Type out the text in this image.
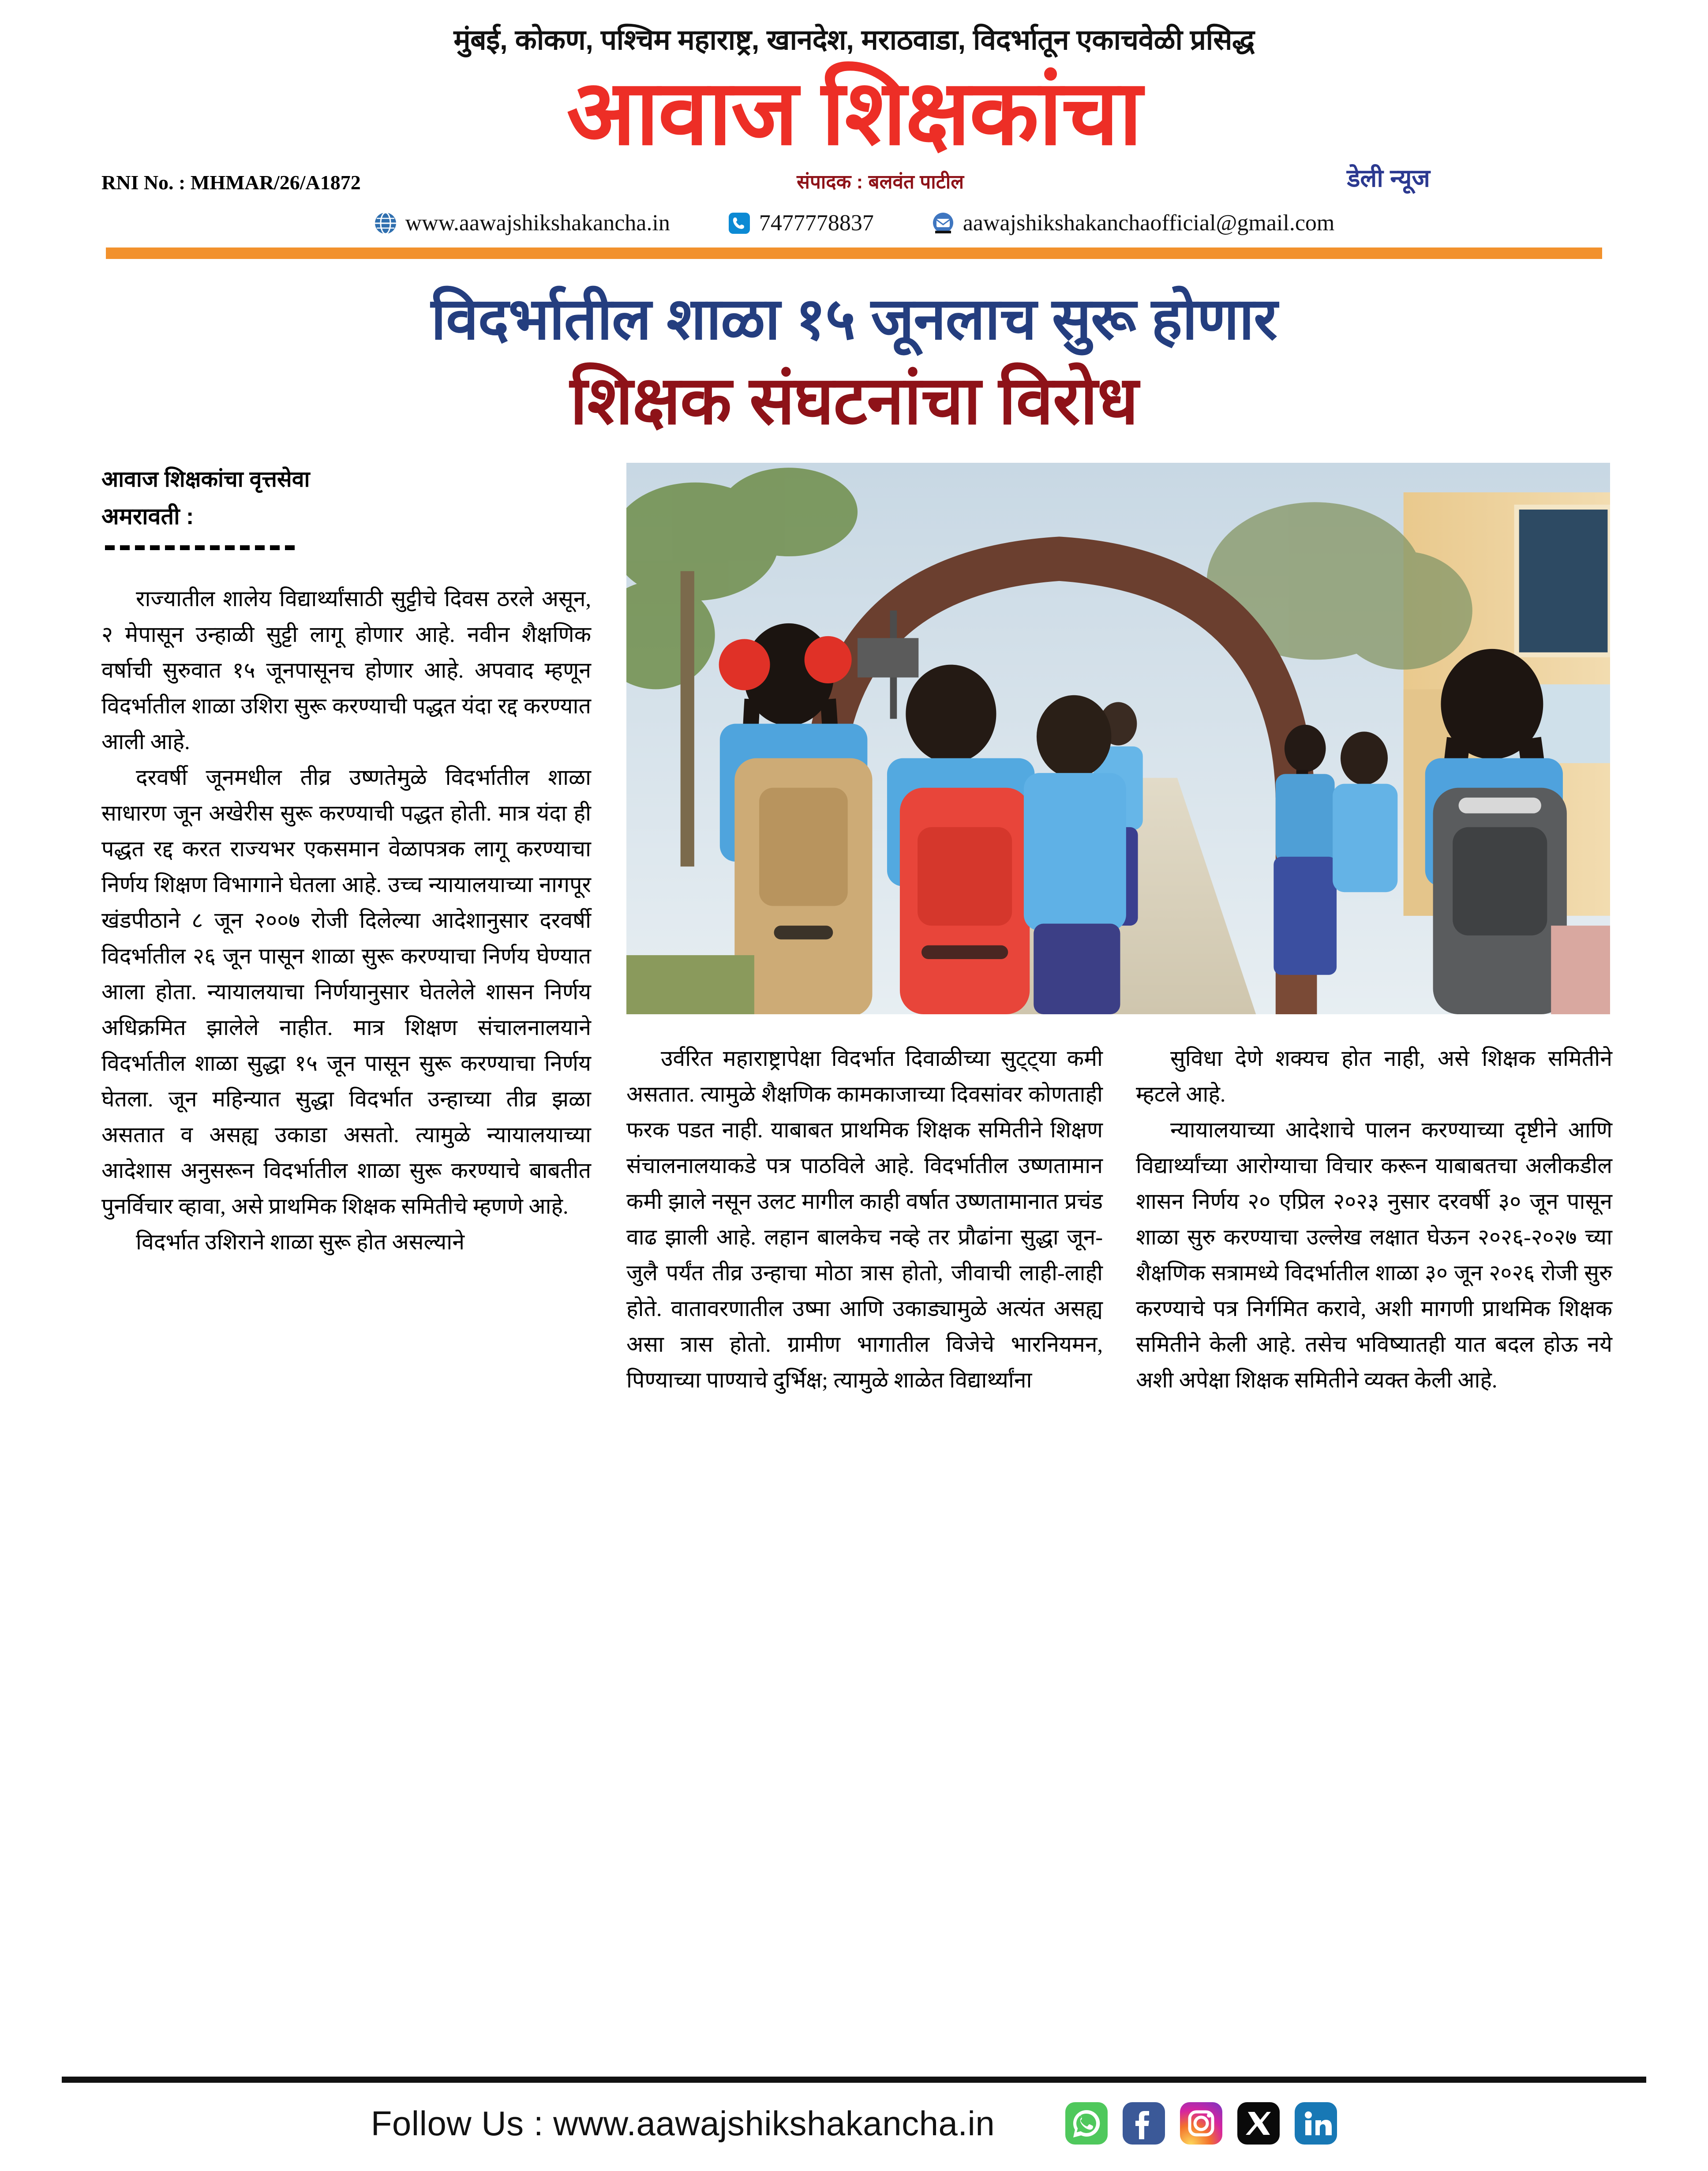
मुंबई, कोकण, पश्चिम महाराष्ट्र, खानदेश, मराठवाडा, विदर्भातून एकाचवेळी प्रसिद्ध
आवाज शिक्षकांचा
RNI No. : MHMAR/26/A1872	संपादक : बलवंत पाटील	डेली न्यूज
www.aawajshikshakancha.in	7477778837	aawajshikshakanchaofficial@gmail.com
विदर्भातील शाळा १५ जूनलाच सुरू होणार
शिक्षक संघटनांचा विरोध
आवाज शिक्षकांचा वृत्तसेवा
अमरावती :

राज्यातील शालेय विद्यार्थ्यांसाठी सुट्टीचे दिवस ठरले असून, २ मेपासून उन्हाळी सुट्टी लागू होणार आहे. नवीन शैक्षणिक वर्षाची सुरुवात १५ जूनपासूनच होणार आहे. अपवाद म्हणून विदर्भातील शाळा उशिरा सुरू करण्याची पद्धत यंदा रद्द करण्यात आली आहे.

दरवर्षी जूनमधील तीव्र उष्णतेमुळे विदर्भातील शाळा साधारण जून अखेरीस सुरू करण्याची पद्धत होती. मात्र यंदा ही पद्धत रद्द करत राज्यभर एकसमान वेळापत्रक लागू करण्याचा निर्णय शिक्षण विभागाने घेतला आहे. उच्च न्यायालयाच्या नागपूर खंडपीठाने ८ जून २००७ रोजी दिलेल्या आदेशानुसार दरवर्षी विदर्भातील २६ जून पासून शाळा सुरू करण्याचा निर्णय घेण्यात आला होता. न्यायालयाचा निर्णयानुसार घेतलेले शासन निर्णय अधिक्रमित झालेले नाहीत. मात्र शिक्षण संचालनालयाने विदर्भातील शाळा सुद्धा १५ जून पासून सुरू करण्याचा निर्णय घेतला. जून महिन्यात सुद्धा विदर्भात उन्हाच्या तीव्र झळा असतात व असह्य उकाडा असतो. त्यामुळे न्यायालयाच्या आदेशास अनुसरून विदर्भातील शाळा सुरू करण्याचे बाबतीत पुनर्विचार व्हावा, असे प्राथमिक शिक्षक समितीचे म्हणणे आहे.

विदर्भात उशिराने शाळा सुरू होत असल्याने

उर्वरित महाराष्ट्रापेक्षा विदर्भात दिवाळीच्या सुट्ट्या कमी असतात. त्यामुळे शैक्षणिक कामकाजाच्या दिवसांवर कोणताही फरक पडत नाही. याबाबत प्राथमिक शिक्षक समितीने शिक्षण संचालनालयाकडे पत्र पाठविले आहे. विदर्भातील उष्णतामान कमी झाले नसून उलट मागील काही वर्षात उष्णतामानात प्रचंड वाढ झाली आहे. लहान बालकेच नव्हे तर प्रौढांना सुद्धा जून-जुलै पर्यंत तीव्र उन्हाचा मोठा त्रास होतो, जीवाची लाही-लाही होते. वातावरणातील उष्मा आणि उकाड्यामुळे अत्यंत असह्य असा त्रास होतो. ग्रामीण भागातील विजेचे भारनियमन, पिण्याच्या पाण्याचे दुर्भिक्ष; त्यामुळे शाळेत विद्यार्थ्यांना

सुविधा देणे शक्यच होत नाही, असे शिक्षक समितीने म्हटले आहे.

न्यायालयाच्या आदेशाचे पालन करण्याच्या दृष्टीने आणि विद्यार्थ्यांच्या आरोग्याचा विचार करून याबाबतचा अलीकडील शासन निर्णय २० एप्रिल २०२३ नुसार दरवर्षी ३० जून पासून शाळा सुरु करण्याचा उल्लेख लक्षात घेऊन २०२६-२०२७ च्या शैक्षणिक सत्रामध्ये विदर्भातील शाळा ३० जून २०२६ रोजी सुरु करण्याचे पत्र निर्गमित करावे, अशी मागणी प्राथमिक शिक्षक समितीने केली आहे. तसेच भविष्यातही यात बदल होऊ नये अशी अपेक्षा शिक्षक समितीने व्यक्त केली आहे.

Follow Us : www.aawajshikshakancha.in
